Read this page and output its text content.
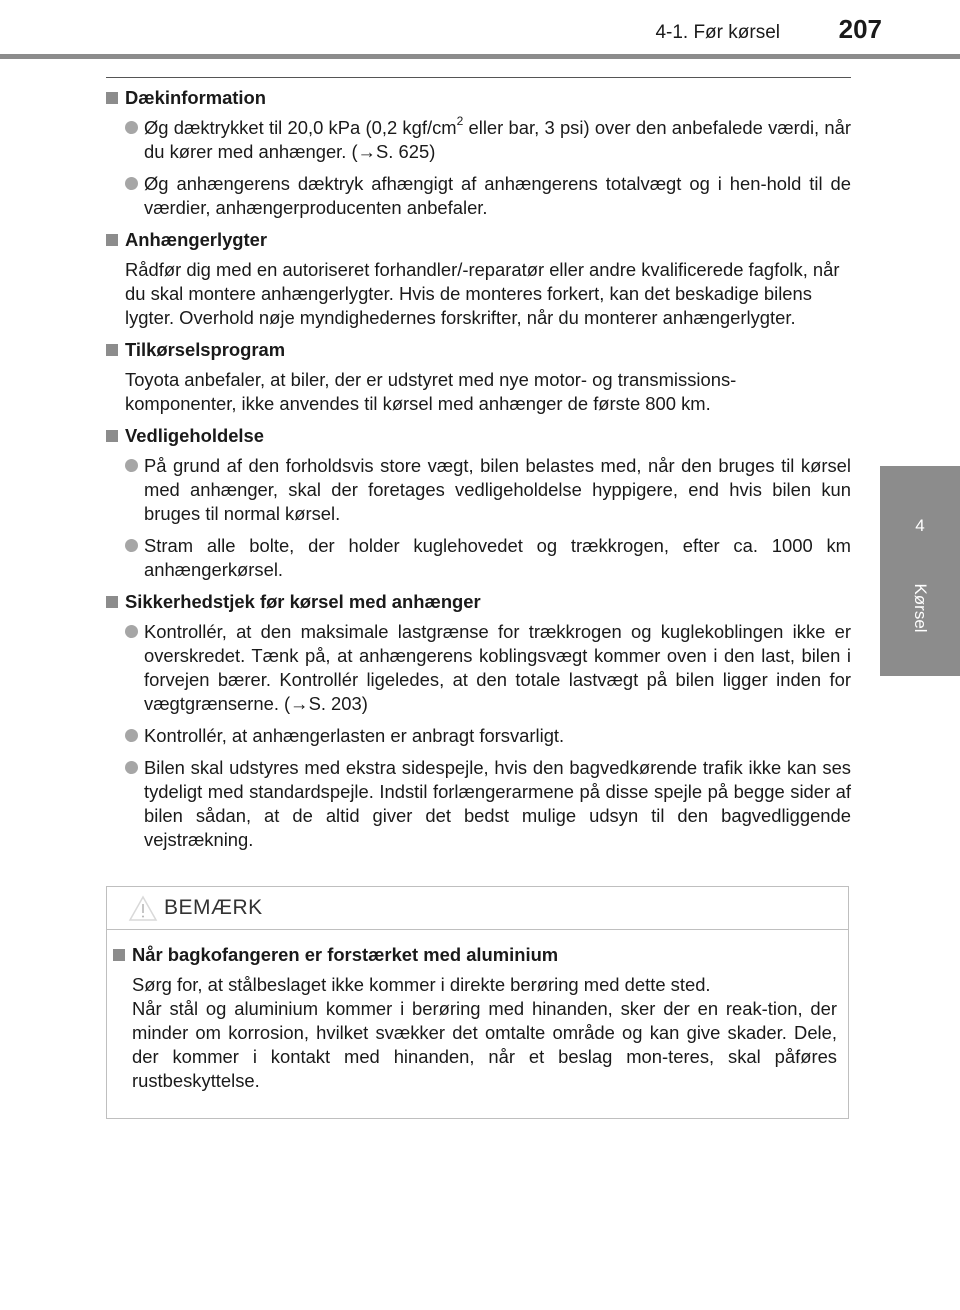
4-1. Før kørsel 207
4
Kørsel
Dækinformation
Øg dæktrykket til 20,0 kPa (0,2 kgf/$cm^2$ eller bar, 3 psi) over den anbefalede værdi, når du kører med anhænger. (→S. 625)
Øg anhængerens dæktryk afhængigt af anhængerens totalvægt og i hen-hold til de værdier, anhængerproducenten anbefaler.
Anhængerlygter
Rådfør dig med en autoriseret forhandler/-reparatør eller andre kvalificerede fagfolk, når du skal montere anhængerlygter. Hvis de monteres forkert, kan det beskadige bilens lygter. Overhold nøje myndighedernes forskrifter, når du monterer anhængerlygter.
Tilkørselsprogram
Toyota anbefaler, at biler, der er udstyret med nye motor- og transmissions-komponenter, ikke anvendes til kørsel med anhænger de første 800 km.
Vedligeholdelse
På grund af den forholdsvis store vægt, bilen belastes med, når den bruges til kørsel med anhænger, skal der foretages vedligeholdelse hyppigere, end hvis bilen kun bruges til normal kørsel.
Stram alle bolte, der holder kuglehovedet og trækkrogen, efter ca. 1000 km anhængerkørsel.
Sikkerhedstjek før kørsel med anhænger
Kontrollér, at den maksimale lastgrænse for trækkrogen og kuglekoblingen ikke er overskredet. Tænk på, at anhængerens koblingsvægt kommer oven i den last, bilen i forvejen bærer. Kontrollér ligeledes, at den totale lastvægt på bilen ligger inden for vægtgrænserne. (→S. 203)
Kontrollér, at anhængerlasten er anbragt forsvarligt.
Bilen skal udstyres med ekstra sidespejle, hvis den bagvedkørende trafik ikke kan ses tydeligt med standardspejle. Indstil forlængerarmene på disse spejle på begge sider af bilen sådan, at de altid giver det bedst mulige udsyn til den bagvedliggende vejstrækning.
BEMÆRK
Når bagkofangeren er forstærket med aluminium
Sørg for, at stålbeslaget ikke kommer i direkte berøring med dette sted.
Når stål og aluminium kommer i berøring med hinanden, sker der en reak-tion, der minder om korrosion, hvilket svækker det omtalte område og kan give skader. Dele, der kommer i kontakt med hinanden, når et beslag mon-teres, skal påføres rustbeskyttelse.
